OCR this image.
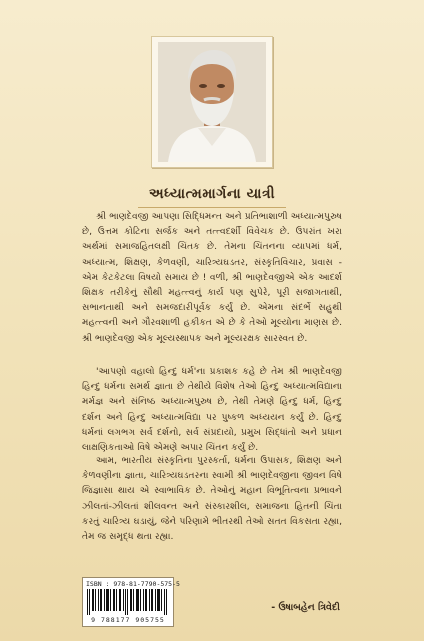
અધ્યાત્મમાર્ગના યાત્રી
શ્રી ભાણદેવજી આપણા સિદ્ધિમન્ત અને પ્રતિભાશાળી અધ્યાત્મપુરુષ છે, ઉત્તમ કોટિના સર્જક અને તત્ત્વદર્શી વિવેચક છે. ઉપરાંત ખરા અર્થમાં સમાજહિતલક્ષી ચિંતક છે. તેમના ચિંતનના વ્યાપમાં ધર્મ, અધ્યાત્મ, શિક્ષણ, કેળવણી, ચારિત્ર્યઘડતર, સંસ્કૃતિવિચાર, પ્રવાસ - એમ કેટકેટલા વિષયો સમાય છે ! વળી, શ્રી ભાણદેવજીએ એક આદર્શ શિક્ષક તરીકેનું સૌથી મહત્ત્વનું કાર્ય પણ સુપેરે, પૂરી સજાગતાથી, સભાનતાથી અને સમજદારીપૂર્વક કર્યું છે. એમના સંદર્ભે સહુથી મહત્ત્વની અને ગૌરવશાળી હકીકત એ છે કે તેઓ મૂલ્યોના માણસ છે. શ્રી ભાણદેવજી એક મૂલ્યસ્થાપક અને મૂલ્યરક્ષક સારસ્વત છે.
'આપણો વહાલો હિન્દુ ધર્મ'ના પ્રકાશક કહે છે તેમ શ્રી ભાણદેવજી હિન્દુ ધર્મના સમર્થ જ્ઞાતા છે તેથીયે વિશેષ તેઓ હિન્દુ અધ્યાત્મવિદ્યાના મર્મજ્ઞ અને સંનિષ્ઠ અધ્યાત્મપુરુષ છે, તેથી તેમણે હિન્દુ ધર્મ, હિન્દુ દર્શન અને હિન્દુ અધ્યાત્મવિદ્યા પર પુષ્કળ અધ્યયન કર્યું છે. હિન્દુ ધર્મનાં લગભગ સર્વ દર્શનો, સર્વ સંપ્રદાયો, પ્રમુખ સિદ્ધાંતો અને પ્રધાન લાક્ષણિકતાઓ વિષે એમણે અપાર ચિંતન કર્યું છે.
આમ, ભારતીય સંસ્કૃતિના પુરસ્કર્તા, ધર્મના ઉપાસક, શિક્ષણ અને કેળવણીના જ્ઞાતા, ચારિત્ર્યઘડતરના સ્વામી શ્રી ભાણદેવજીના જીવન વિષે જિજ્ઞાસા થાય એ સ્વાભાવિક છે. તેઓનું મહાન વિભૂતિત્વના પ્રભાવને ઝીલતાં-ઝીલતાં શીલવન્ત અને સંસ્કારશીલ, સમાજના હિતની ચિંતા કરતું ચારિત્ર્ય ઘડાયું, જેને પરિણામે ભીતરથી તેઓ સતત વિકસતા રહ્યા, તેમ જ સમૃદ્ધ થતા રહ્યા.
ISBN : 978-81-7790-575-5
9 788177 905755
- ઉષાબહેન ત્રિવેદી
